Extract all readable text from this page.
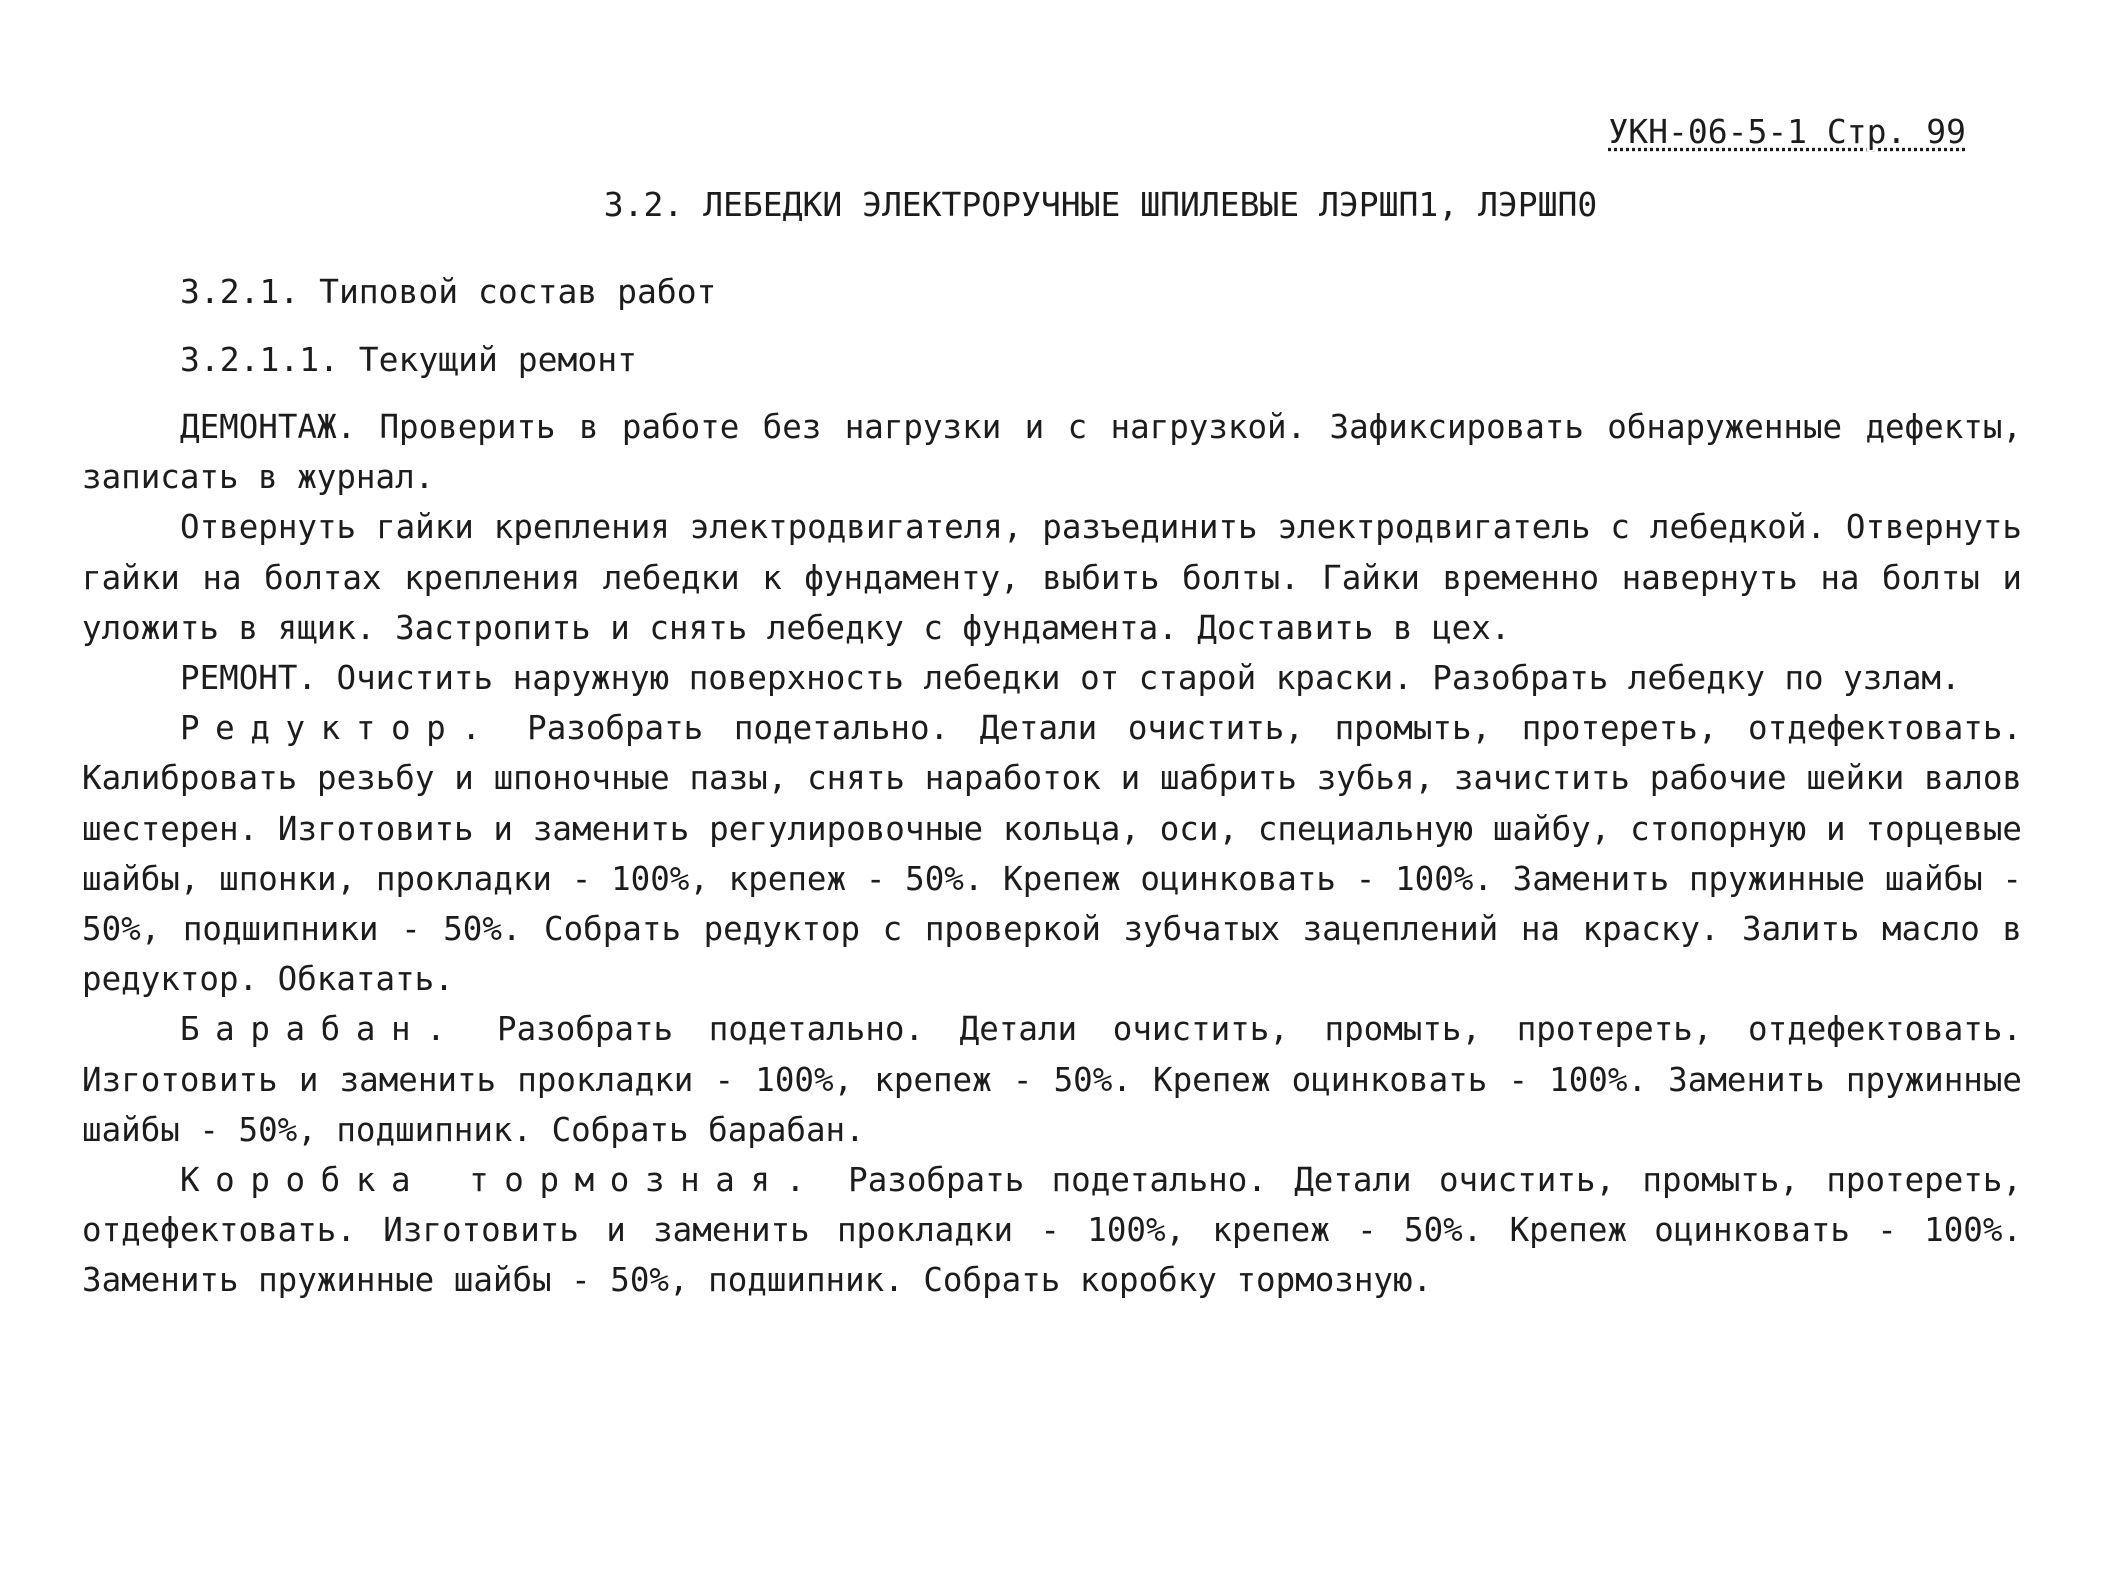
УКН-06-5-1 Стр. 99
3.2. ЛЕБЕДКИ ЭЛЕКТРОРУЧНЫЕ ШПИЛЕВЫЕ ЛЭРШП1, ЛЭРШП0
3.2.1. Типовой состав работ
3.2.1.1. Текущий ремонт

ДЕМОНТАЖ. Проверить в работе без нагрузки и с нагрузкой. Зафиксировать обнаруженные дефекты, записать в журнал.

Отвернуть гайки крепления электродвигателя, разъединить электродвигатель с лебедкой. Отвернуть гайки на болтах крепления лебедки к фундаменту, выбить болты. Гайки временно навернуть на болты и уложить в ящик. Застропить и снять лебедку с фундамента. Доставить в цех.

РЕМОНТ. Очистить наружную поверхность лебедки от старой краски. Разобрать лебедку по узлам.

Редуктор. Разобрать подетально. Детали очистить, промыть, протереть, отдефектовать. Калибровать резьбу и шпоночные пазы, снять наработок и шабрить зубья, зачистить рабочие шейки валов шестерен. Изготовить и заменить регулировочные кольца, оси, специальную шайбу, стопорную и торцевые шайбы, шпонки, прокладки - 100%, крепеж - 50%. Крепеж оцинковать - 100%. Заменить пружинные шайбы - 50%, подшипники - 50%. Собрать редуктор с проверкой зубчатых зацеплений на краску. Залить масло в редуктор. Обкатать.

Барабан. Разобрать подетально. Детали очистить, промыть, протереть, отдефектовать. Изготовить и заменить прокладки - 100%, крепеж - 50%. Крепеж оцинковать - 100%. Заменить пружинные шайбы - 50%, подшипник. Собрать барабан.

Коробка тормозная. Разобрать подетально. Детали очистить, промыть, протереть, отдефектовать. Изготовить и заменить прокладки - 100%, крепеж - 50%. Крепеж оцинковать - 100%. Заменить пружинные шайбы - 50%, подшипник. Собрать коробку тормозную.
